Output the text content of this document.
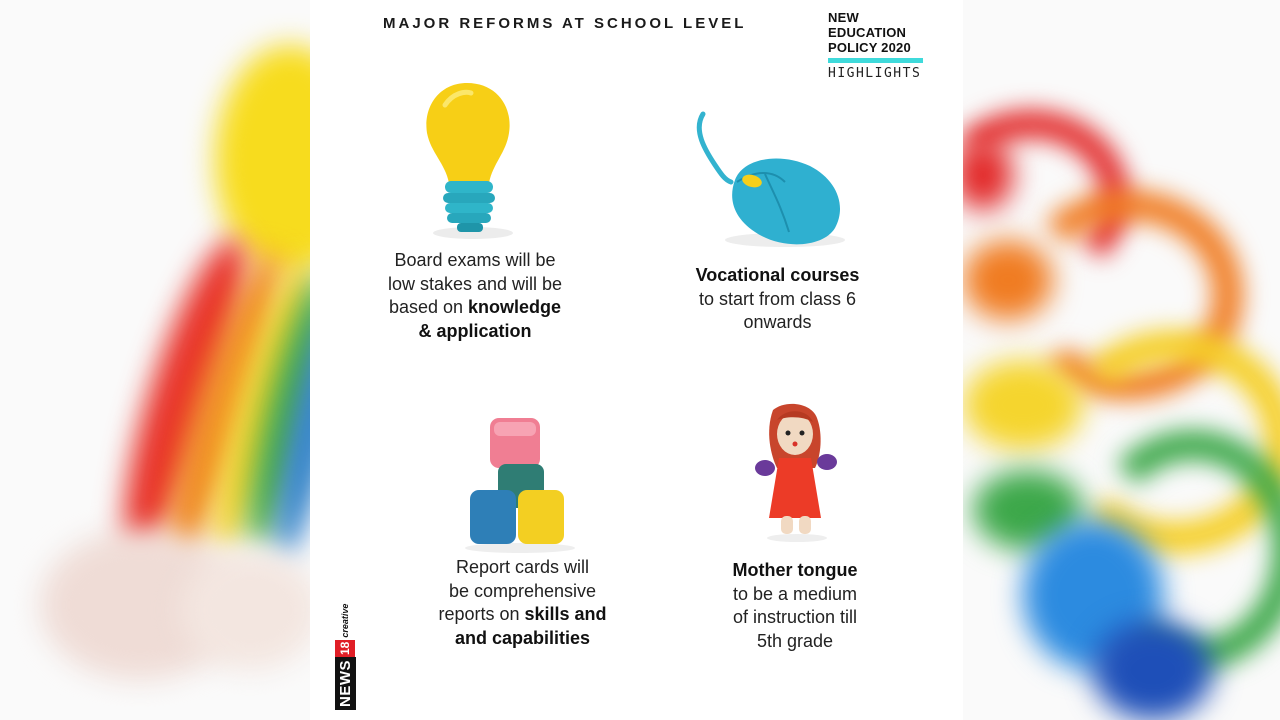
MAJOR REFORMS AT SCHOOL LEVEL	NEW
EDUCATION
POLICY 2020
HIGHLIGHTS
Board exams will be
low stakes and will be
based on knowledge
& application
Vocational courses
to start from class 6
onwards
Report cards will
be comprehensive
reports on skills and
and capabilities
Mother tongue
to be a medium
of instruction till
5th grade
NEWS
18
creative
